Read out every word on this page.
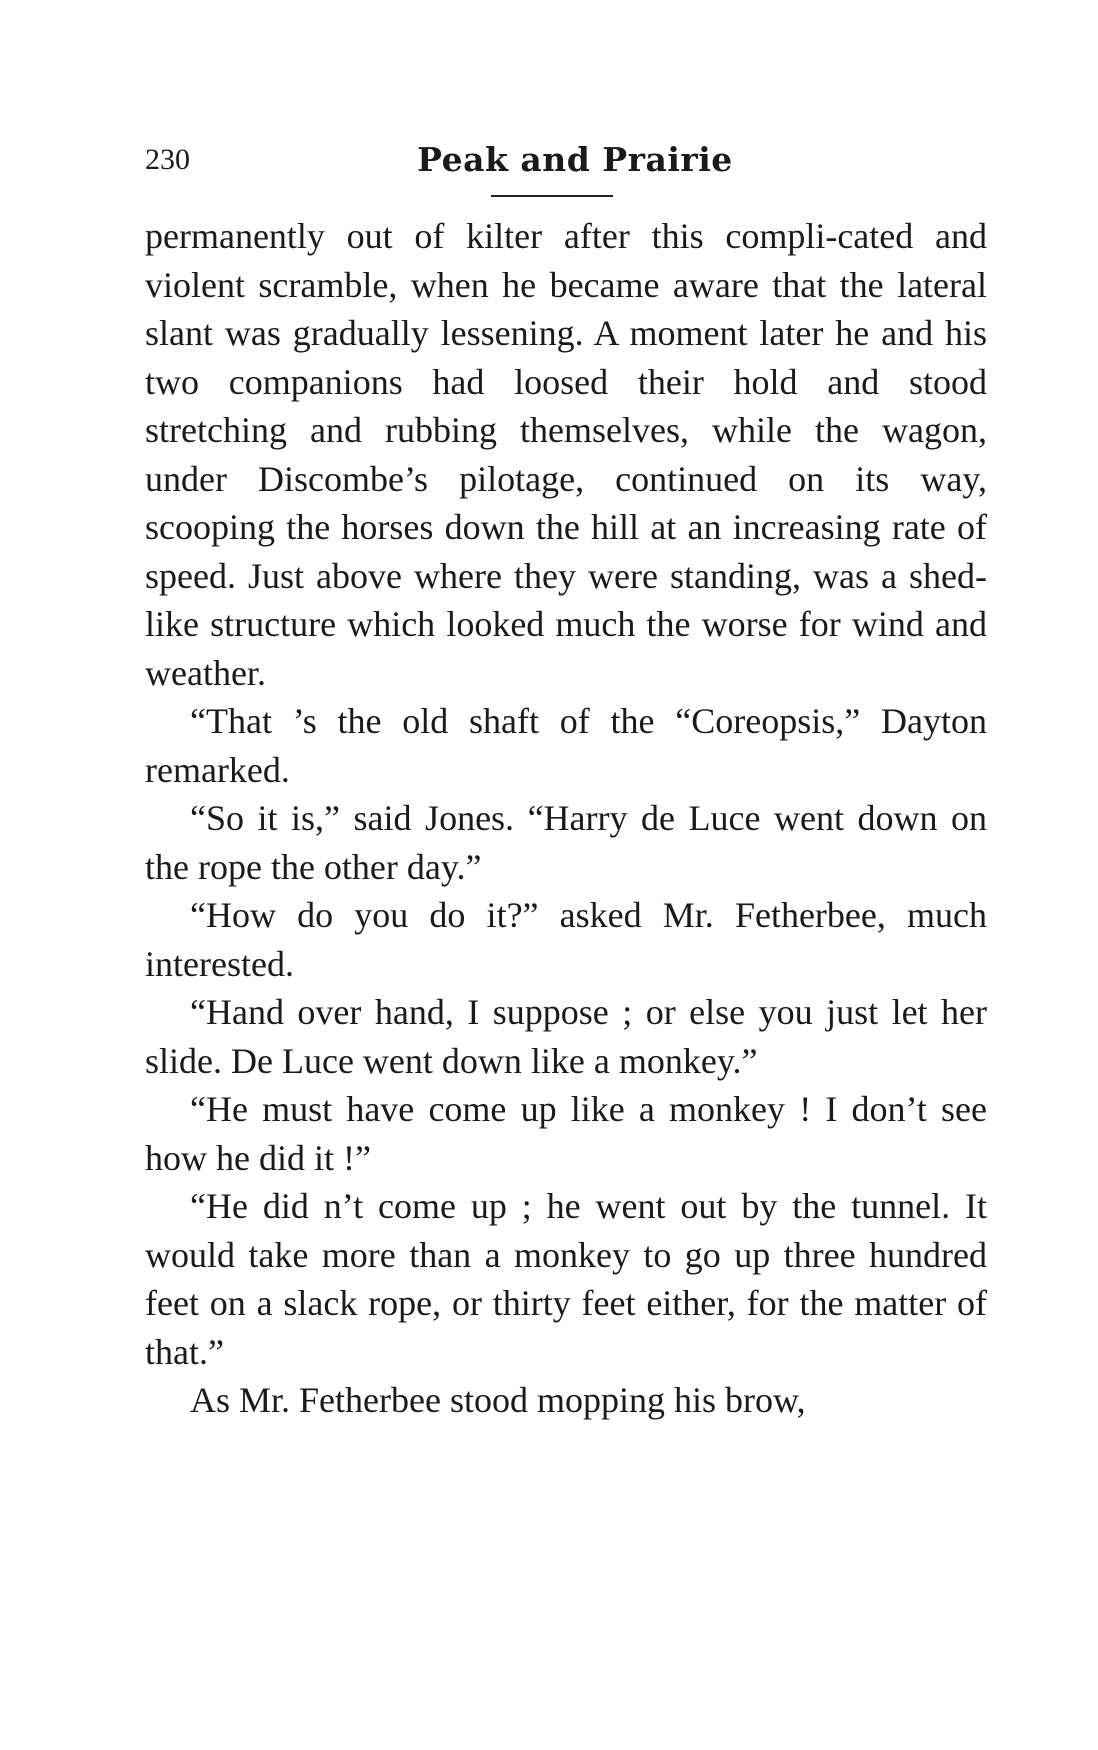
230	Peak and Prairie

permanently out of kilter after this compli-cated and violent scramble, when he became aware that the lateral slant was gradually lessening. A moment later he and his two companions had loosed their hold and stood stretching and rubbing themselves, while the wagon, under Discombe’s pilotage, continued on its way, scooping the horses down the hill at an increasing rate of speed. Just above where they were standing, was a shed-like structure which looked much the worse for wind and weather.

“That ’s the old shaft of the “Coreopsis,” Dayton remarked.

“So it is,” said Jones. “Harry de Luce went down on the rope the other day.”

“How do you do it?” asked Mr. Fetherbee, much interested.

“Hand over hand, I suppose ; or else you just let her slide. De Luce went down like a monkey.”

“He must have come up like a monkey ! I don’t see how he did it !”

“He did n’t come up ; he went out by the tunnel. It would take more than a monkey to go up three hundred feet on a slack rope, or thirty feet either, for the matter of that.”

As Mr. Fetherbee stood mopping his brow,
